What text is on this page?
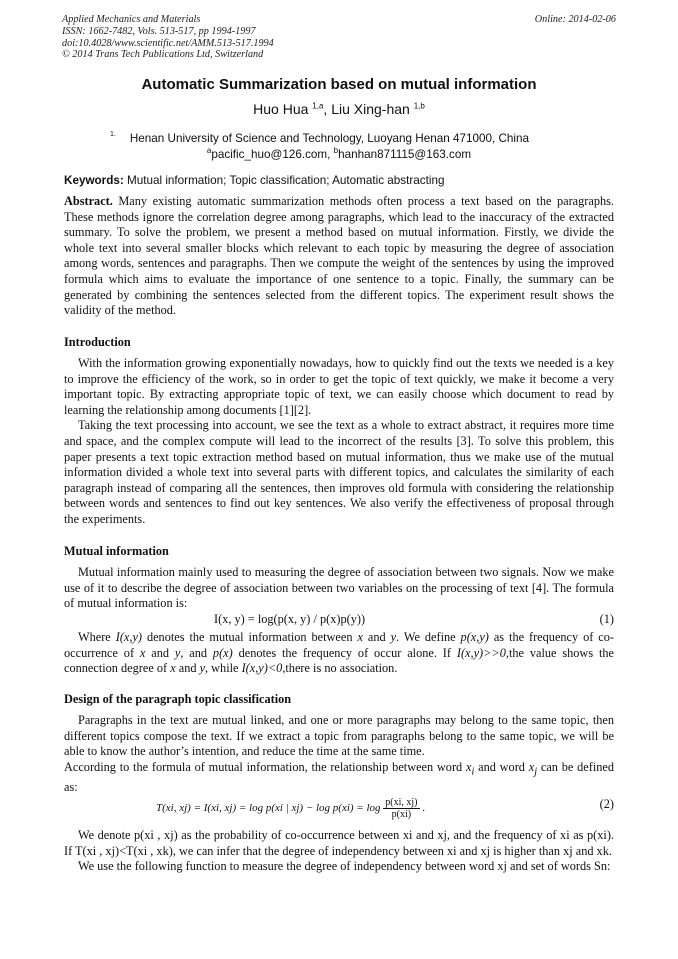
Applied Mechanics and Materials
ISSN: 1662-7482, Vols. 513-517, pp 1994-1997
doi:10.4028/www.scientific.net/AMM.513-517.1994
© 2014 Trans Tech Publications Ltd, Switzerland
Online: 2014-02-06
Automatic Summarization based on mutual information
Huo Hua $^{1,a}$, Liu Xing-han $^{1,b}$
$^{1.}$ Henan University of Science and Technology, Luoyang Henan 471000, China
$^a$pacific_huo@126.com, $^b$hanhan871115@163.com
Keywords: Mutual information; Topic classification; Automatic abstracting

Abstract. Many existing automatic summarization methods often process a text based on the paragraphs. These methods ignore the correlation degree among paragraphs, which lead to the inaccuracy of the extracted summary. To solve the problem, we present a method based on mutual information. Firstly, we divide the whole text into several smaller blocks which relevant to each topic by measuring the degree of association among words, sentences and paragraphs. Then we compute the weight of the sentences by using the improved formula which aims to evaluate the importance of one sentence to a topic. Finally, the summary can be generated by combining the sentences selected from the different topics. The experiment result shows the validity of the method.

Introduction

With the information growing exponentially nowadays, how to quickly find out the texts we needed is a key to improve the efficiency of the work, so in order to get the topic of text quickly, we make it become a very important topic. By extracting appropriate topic of text, we can easily choose which document to read by learning the relationship among documents [1][2].

Taking the text processing into account, we see the text as a whole to extract abstract, it requires more time and space, and the complex compute will lead to the incorrect of the results [3]. To solve this problem, this paper presents a text topic extraction method based on mutual information, thus we make use of the mutual information divided a whole text into several parts with different topics, and calculates the similarity of each paragraph instead of comparing all the sentences, then improves old formula with considering the relationship between words and sentences to find out key sentences. We also verify the effectiveness of proposal through the experiments.

Mutual information

Mutual information mainly used to measuring the degree of association between two signals. Now we make use of it to describe the degree of association between two variables on the processing of text [4]. The formula of mutual information is:

I(x, y) = log(p(x, y) / p(x)p(y))	(1)

Where I(x,y) denotes the mutual information between x and y. We define p(x,y) as the frequency of co-occurrence of x and y, and p(x) denotes the frequency of occur alone. If I(x,y)>>0,the value shows the connection degree of x and y, while I(x,y)<0,there is no association.

Design of the paragraph topic classification

Paragraphs in the text are mutual linked, and one or more paragraphs may belong to the same topic, then different topics compose the text. If we extract a topic from paragraphs belong to the same topic, we will be able to know the author’s intention, and reduce the time at the same time.

According to the formula of mutual information, the relationship between word $x_i$ and word $x_j$ can be defined as:

T(xi, xj) = I(xi, xj) = log p(xi | $xj) - \log p(xi) = \log \frac{p(xi, xj)}{p(xi)}$ .	(2)

We denote p(xi , xj) as the probability of co-occurrence between xi and xj, and the frequency of xi as p(xi). If T(xi , xj)<T(xi , xk), we can infer that the degree of independency between xi and xj is higher than xj and xk.

We use the following function to measure the degree of independency between word xj and set of words Sn:
